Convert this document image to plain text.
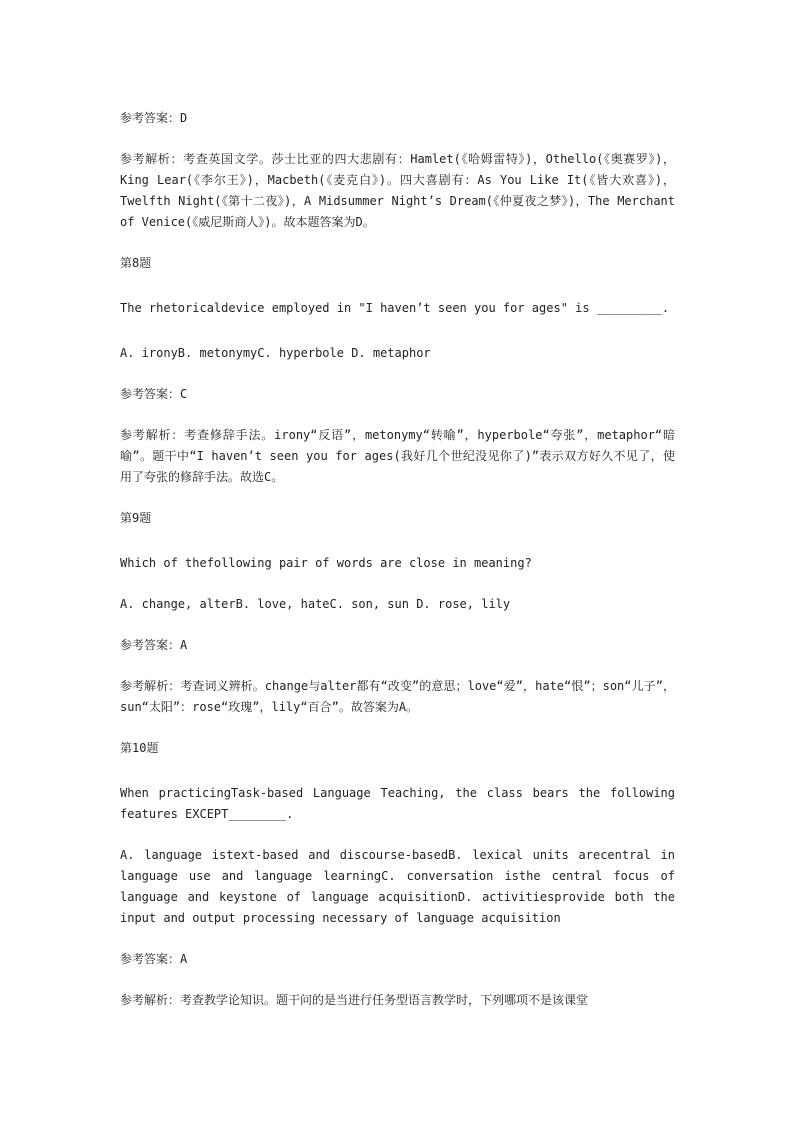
参考答案：D

参考解析：考查英国文学。莎士比亚的四大悲剧有：Hamlet(《哈姆雷特》)，Othello(《奥赛罗》)，King Lear(《李尔王》)，Macbeth(《麦克白》)。四大喜剧有：As You Like It(《皆大欢喜》)，Twelfth Night(《第十二夜》)，A Midsummer Night’s Dream(《仲夏夜之梦》)，The Merchant of Venice(《威尼斯商人》)。故本题答案为D。

第8题

The rhetoricaldevice employed in "I haven’t seen you for ages" is _________.

A. ironyB. metonymyC. hyperbole D. metaphor

参考答案：C

参考解析：考查修辞手法。irony“反语”，metonymy“转喻”，hyperbole“夸张”，metaphor“暗喻”。题干中“I haven’t seen you for ages(我好几个世纪没见你了)”表示双方好久不见了，使用了夸张的修辞手法。故选C。

第9题

Which of thefollowing pair of words are close in meaning?

A. change, alterB. love, hateC. son, sun D. rose, lily

参考答案：A

参考解析：考查词义辨析。change与alter都有“改变”的意思；love“爱”，hate“恨”；son“儿子”，sun“太阳”：rose“玫瑰”，lily“百合”。故答案为A。

第10题

When practicingTask-based Language Teaching, the class bears the following features EXCEPT________.

A. language istext-based and discourse-basedB. lexical units arecentral in language use and language learningC. conversation isthe central focus of language and keystone of language acquisitionD. activitiesprovide both the input and output processing necessary of language acquisition

参考答案：A

参考解析：考查教学论知识。题干问的是当进行任务型语言教学时，下列哪项不是该课堂
